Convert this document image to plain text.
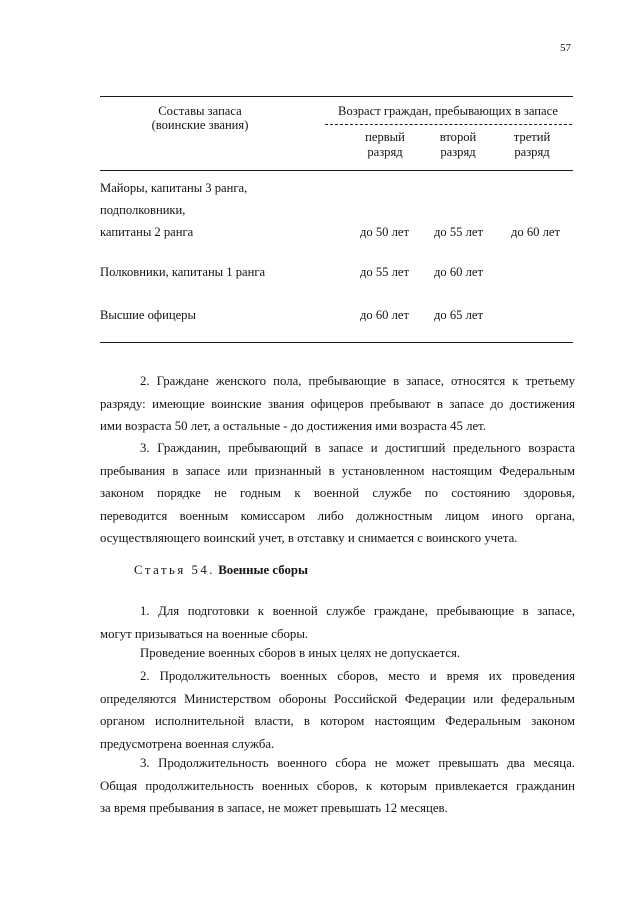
57
Составы запаса
(воинские звания)
Возраст граждан, пребывающих в запасе
первый
разряд
второй
разряд
третий
разряд
Майоры, капитаны 3 ранга,
подполковники,
капитаны 2 ранга	до 50 лет до 55 лет до 60 лет
Полковники, капитаны 1 ранга	до 55 лет до 60 лет
Высшие офицеры	до 60 лет до 65 лет
2. Граждане женского пола, пребывающие в запасе, относятся к третьему
разряду: имеющие воинские звания офицеров пребывают в запасе до достижения
ими возраста 50 лет, а остальные - до достижения ими возраста 45 лет.
3. Гражданин, пребывающий в запасе и достигший предельного возраста
пребывания в запасе или признанный в установленном настоящим Федеральным
законом порядке не годным к военной службе по состоянию здоровья,
переводится военным комиссаром либо должностным лицом иного органа,
осуществляющего воинский учет, в отставку и снимается с воинского учета.
Статья 54. Военные сборы
1. Для подготовки к военной службе граждане, пребывающие в запасе,
могут призываться на военные сборы.
Проведение военных сборов в иных целях не допускается.
2. Продолжительность военных сборов, место и время их проведения
определяются Министерством обороны Российской Федерации или федеральным
органом исполнительной власти, в котором настоящим Федеральным законом
предусмотрена военная служба.
3. Продолжительность военного сбора не может превышать два месяца.
Общая продолжительность военных сборов, к которым привлекается гражданин
за время пребывания в запасе, не может превышать 12 месяцев.
